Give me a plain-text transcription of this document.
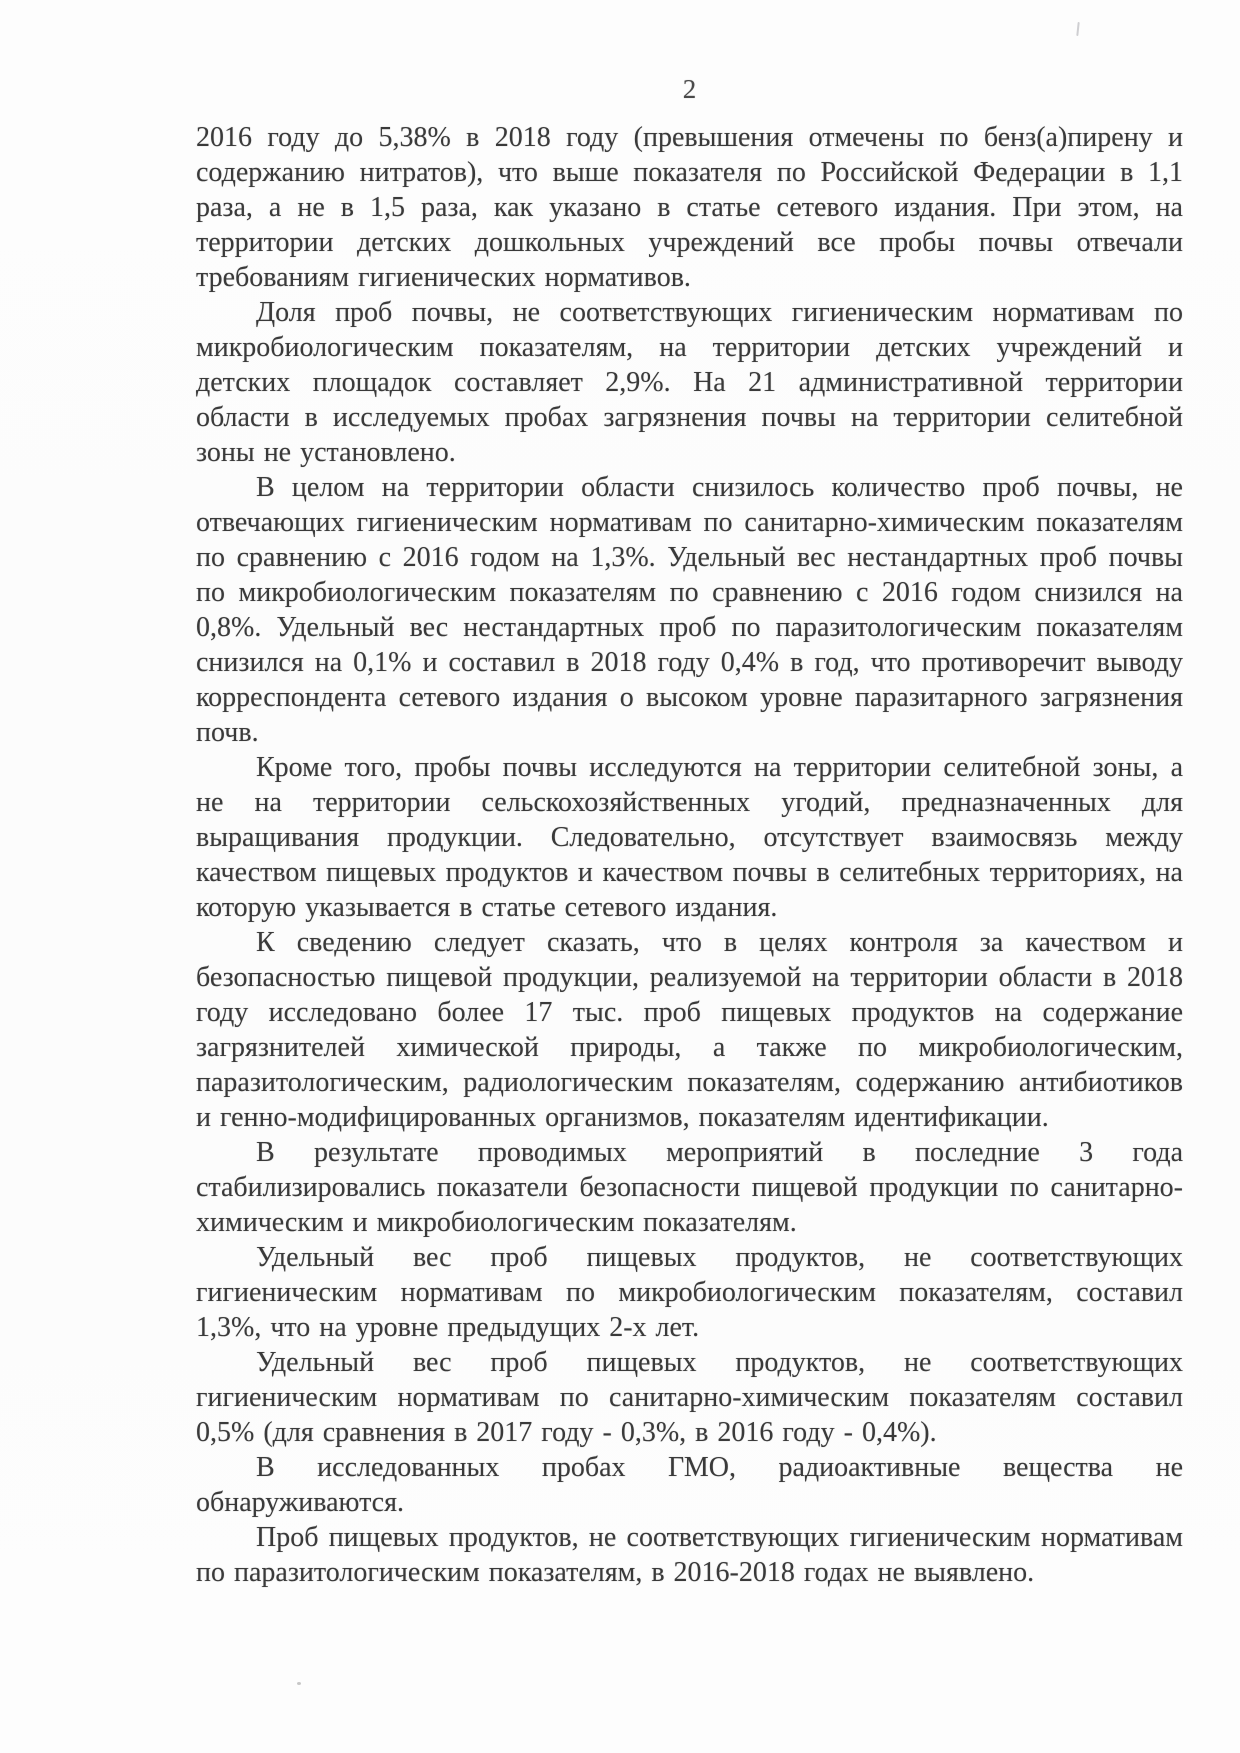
2

2016 году до 5,38% в 2018 году (превышения отмечены по бенз(а)пирену и содержанию нитратов), что выше показателя по Российской Федерации в 1,1 раза, а не в 1,5 раза, как указано в статье сетевого издания. При этом, на территории детских дошкольных учреждений все пробы почвы отвечали требованиям гигиенических нормативов.

Доля проб почвы, не соответствующих гигиеническим нормативам по микробиологическим показателям, на территории детских учреждений и детских площадок составляет 2,9%. На 21 административной территории области в исследуемых пробах загрязнения почвы на территории селитебной зоны не установлено.

В целом на территории области снизилось количество проб почвы, не отвечающих гигиеническим нормативам по санитарно-химическим показателям по сравнению с 2016 годом на 1,3%. Удельный вес нестандартных проб почвы по микробиологическим показателям по сравнению с 2016 годом снизился на 0,8%. Удельный вес нестандартных проб по паразитологическим показателям снизился на 0,1% и составил в 2018 году 0,4% в год, что противоречит выводу корреспондента сетевого издания о высоком уровне паразитарного загрязнения почв.

Кроме того, пробы почвы исследуются на территории селитебной зоны, а не на территории сельскохозяйственных угодий, предназначенных для выращивания продукции. Следовательно, отсутствует взаимосвязь между качеством пищевых продуктов и качеством почвы в селитебных территориях, на которую указывается в статье сетевого издания.

К сведению следует сказать, что в целях контроля за качеством и безопасностью пищевой продукции, реализуемой на территории области в 2018 году исследовано более 17 тыс. проб пищевых продуктов на содержание загрязнителей химической природы, а также по микробиологическим, паразитологическим, радиологическим показателям, содержанию антибиотиков и генно-модифицированных организмов, показателям идентификации.

В результате проводимых мероприятий в последние 3 года стабилизировались показатели безопасности пищевой продукции по санитарно-химическим и микробиологическим показателям.

Удельный вес проб пищевых продуктов, не соответствующих гигиеническим нормативам по микробиологическим показателям, составил 1,3%, что на уровне предыдущих 2-х лет.

Удельный вес проб пищевых продуктов, не соответствующих гигиеническим нормативам по санитарно-химическим показателям составил 0,5% (для сравнения в 2017 году - 0,3%, в 2016 году - 0,4%).

В исследованных пробах ГМО, радиоактивные вещества не обнаруживаются.

Проб пищевых продуктов, не соответствующих гигиеническим нормативам по паразитологическим показателям, в 2016-2018 годах не выявлено.
